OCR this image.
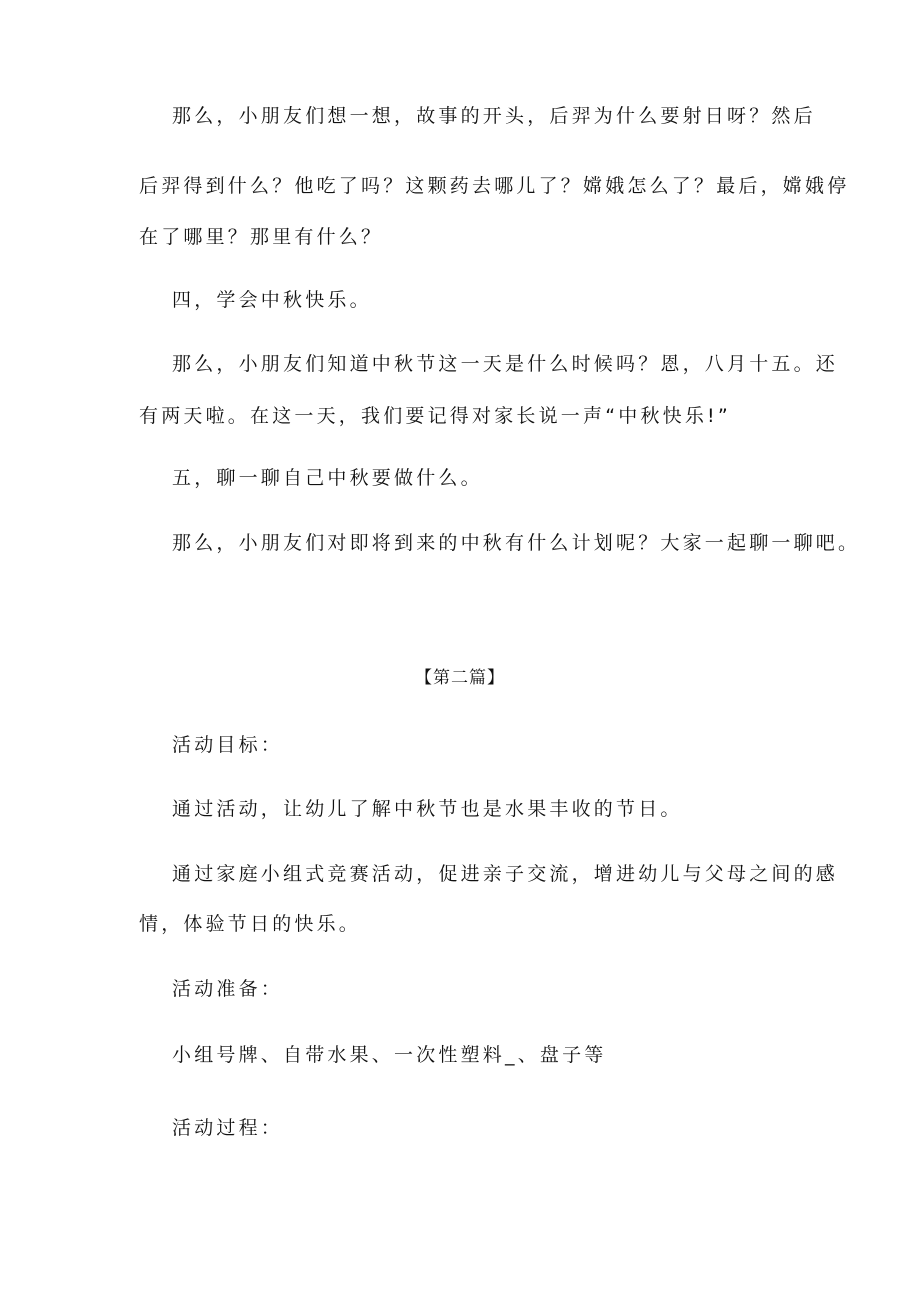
那么，小朋友们想一想，故事的开头，后羿为什么要射日呀？然后
后羿得到什么？他吃了吗？这颗药去哪儿了？嫦娥怎么了？最后，嫦娥停
在了哪里？那里有什么？
四，学会中秋快乐。
那么，小朋友们知道中秋节这一天是什么时候吗？恩，八月十五。还
有两天啦。在这一天，我们要记得对家长说一声“中秋快乐!”
五，聊一聊自己中秋要做什么。
那么，小朋友们对即将到来的中秋有什么计划呢？大家一起聊一聊吧。
【第二篇】
活动目标：
通过活动，让幼儿了解中秋节也是水果丰收的节日。
通过家庭小组式竞赛活动，促进亲子交流，增进幼儿与父母之间的感
情，体验节日的快乐。
活动准备：
小组号牌、自带水果、一次性塑料_、盘子等
活动过程：
